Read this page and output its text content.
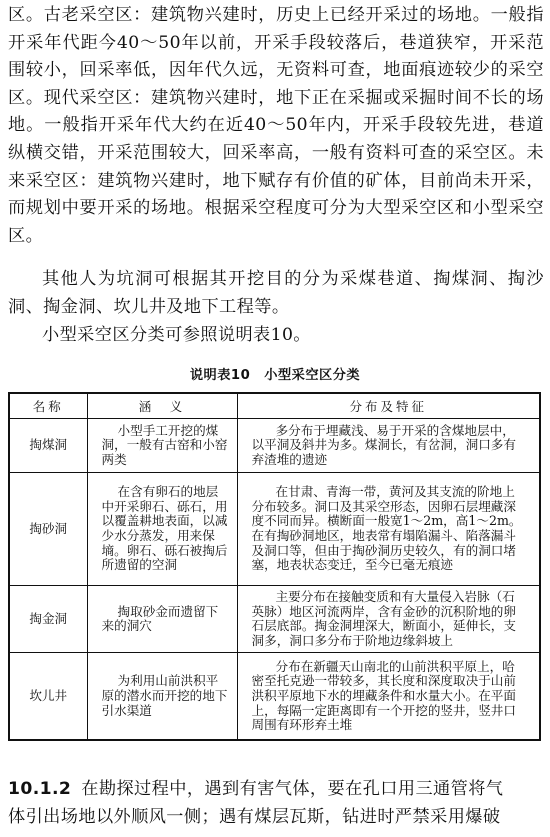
区。古老采空区：建筑物兴建时，历史上已经开采过的场地。一般指开采年代距今40～50年以前，开采手段较落后，巷道狭窄，开采范围较小，回采率低，因年代久远，无资料可查，地面痕迹较少的采空区。现代采空区：建筑物兴建时，地下正在采掘或采掘时间不长的场地。一般指开采年代大约在近40～50年内，开采手段较先进，巷道纵横交错，开采范围较大，回采率高，一般有资料可查的采空区。未来采空区：建筑物兴建时，地下赋存有价值的矿体，目前尚未开采，而规划中要开采的场地。根据采空程度可分为大型采空区和小型采空区。
其他人为坑洞可根据其开挖目的分为采煤巷道、掏煤洞、掏沙洞、掏金洞、坎儿井及地下工程等。
小型采空区分类可参照说明表10。
说明表10 小型采空区分类
名称	涵　义	分布及特征
掏煤洞	小型手工开挖的煤洞，一般有古窑和小窑两类	多分布于埋藏浅、易于开采的含煤地层中，以平洞及斜井为多。煤洞长，有岔洞，洞口多有弃渣堆的遗迹
掏砂洞	在含有卵石的地层中开采卵石、砾石，用以覆盖耕地表面，以减少水分蒸发，用来保墒。卵石、砾石被掏后所遗留的空洞	在甘肃、青海一带，黄河及其支流的阶地上分布较多。洞口及其采空形态，因卵石层埋藏深度不同而异。横断面一般宽1～2m，高1～2m。在有掏砂洞地区，地表常有塌陷漏斗、陷落漏斗及洞口等，但由于掏砂洞历史较久，有的洞口堵塞，地表状态变迁，至今已毫无痕迹
掏金洞	掏取砂金而遗留下来的洞穴	主要分布在接触变质和有大量侵入岩脉（石英脉）地区河流两岸，含有金砂的沉积阶地的卵石层底部。掏金洞埋深大，断面小，延伸长，支洞多，洞口多分布于阶地边缘斜坡上
坎儿井	为利用山前洪积平原的潜水而开挖的地下引水渠道	分布在新疆天山南北的山前洪积平原上，哈密至托克逊一带较多，其长度和深度取决于山前洪积平原地下水的埋藏条件和水量大小。在平面上，每隔一定距离即有一个开挖的竖井，竖井口周围有环形弃土堆
10.1.2 在勘探过程中，遇到有害气体，要在孔口用三通管将气
体引出场地以外顺风一侧；遇有煤层瓦斯，钻进时严禁采用爆破
